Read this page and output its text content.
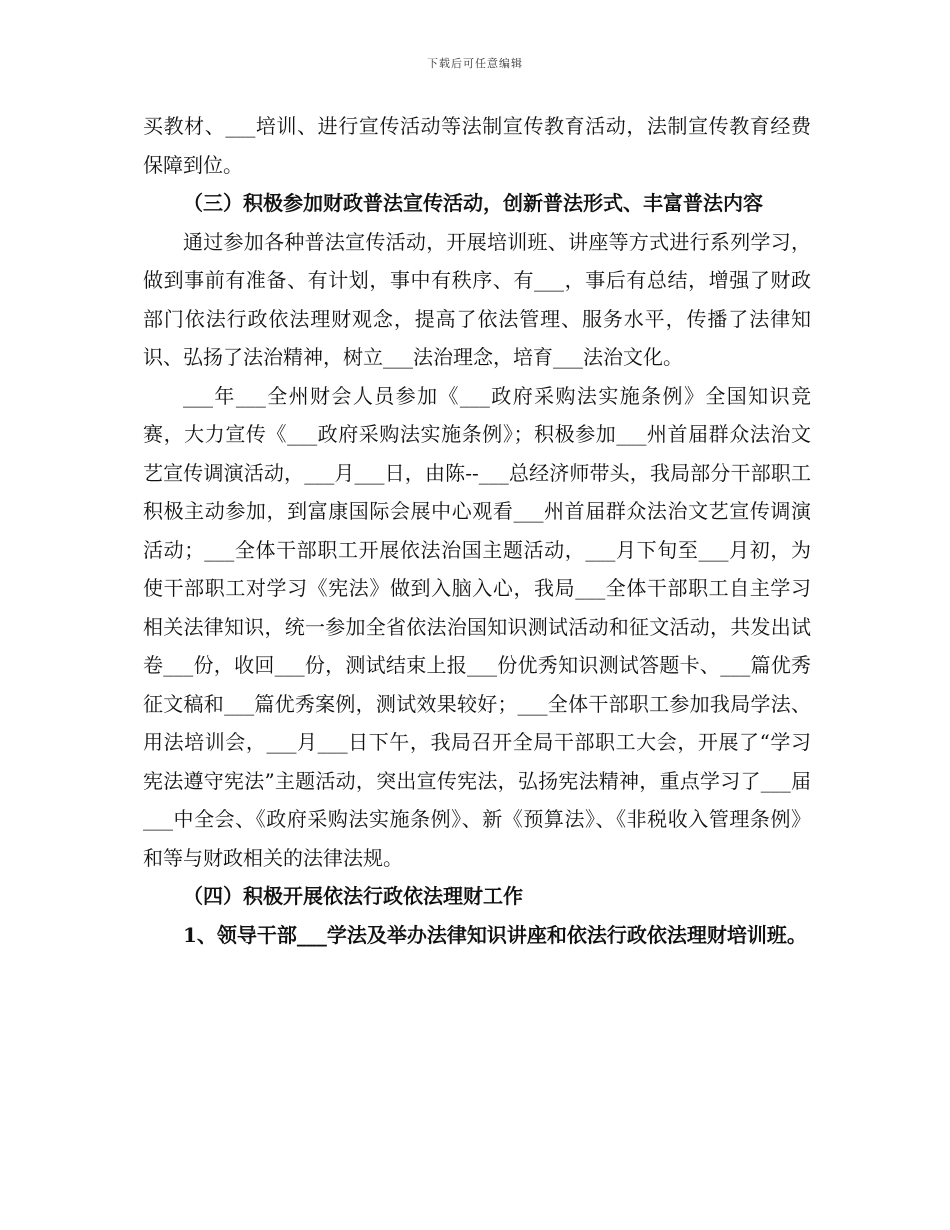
下载后可任意编辑

买教材、___培训、进行宣传活动等法制宣传教育活动，法制宣传教育经费保障到位。

（三）积极参加财政普法宣传活动，创新普法形式、丰富普法内容

通过参加各种普法宣传活动，开展培训班、讲座等方式进行系列学习，做到事前有准备、有计划，事中有秩序、有___，事后有总结，增强了财政部门依法行政依法理财观念，提高了依法管理、服务水平，传播了法律知识、弘扬了法治精神，树立___法治理念，培育___法治文化。

___年___全州财会人员参加《___政府采购法实施条例》全国知识竞赛，大力宣传《___政府采购法实施条例》；积极参加___州首届群众法治文艺宣传调演活动，___月___日，由陈--___总经济师带头，我局部分干部职工积极主动参加，到富康国际会展中心观看___州首届群众法治文艺宣传调演活动；___全体干部职工开展依法治国主题活动，___月下旬至___月初，为使干部职工对学习《宪法》做到入脑入心，我局___全体干部职工自主学习相关法律知识，统一参加全省依法治国知识测试活动和征文活动，共发出试卷___份，收回___份，测试结束上报___份优秀知识测试答题卡、___篇优秀征文稿和___篇优秀案例，测试效果较好；___全体干部职工参加我局学法、用法培训会，___月___日下午，我局召开全局干部职工大会，开展了“学习宪法遵守宪法”主题活动，突出宣传宪法，弘扬宪法精神，重点学习了___届___中全会、《政府采购法实施条例》、新《预算法》、《非税收入管理条例》和等与财政相关的法律法规。

（四）积极开展依法行政依法理财工作

1、领导干部___学法及举办法律知识讲座和依法行政依法理财培训班。
